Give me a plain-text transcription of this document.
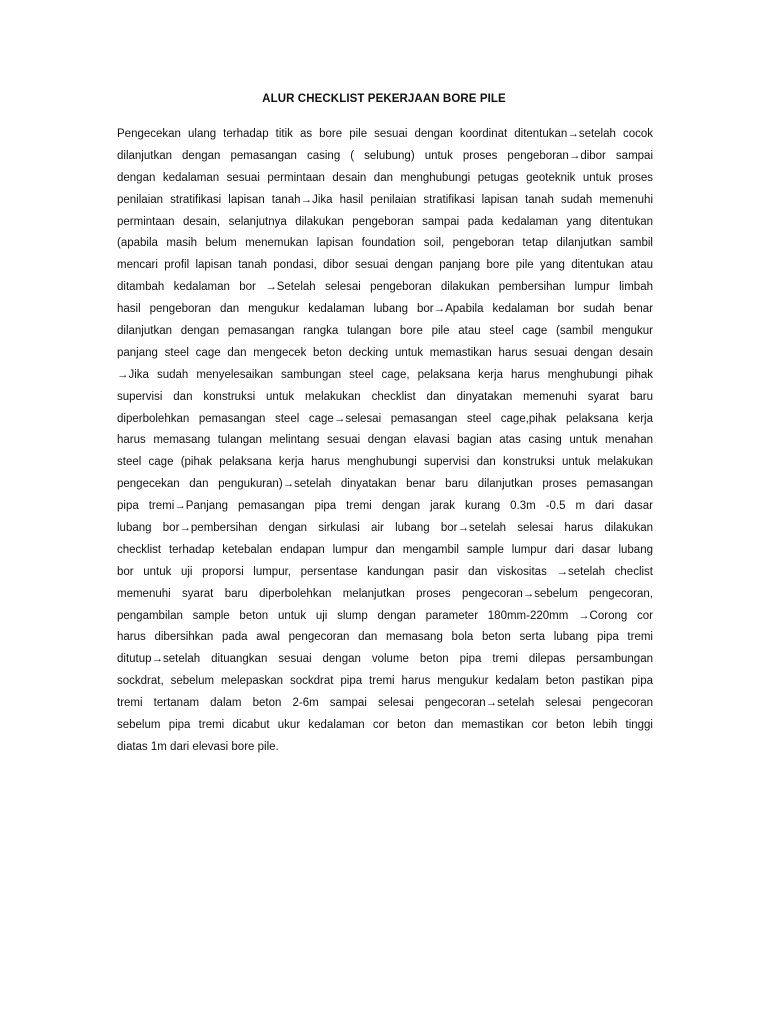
ALUR CHECKLIST PEKERJAAN BORE PILE
Pengecekan ulang terhadap titik as bore pile sesuai dengan koordinat ditentukan→setelah cocok
dilanjutkan dengan pemasangan casing ( selubung) untuk proses pengeboran→dibor sampai
dengan kedalaman sesuai permintaan desain dan menghubungi petugas geoteknik untuk proses
penilaian stratifikasi lapisan tanah→Jika hasil penilaian stratifikasi lapisan tanah sudah memenuhi
permintaan desain, selanjutnya dilakukan pengeboran sampai pada kedalaman yang ditentukan
(apabila masih belum menemukan lapisan foundation soil, pengeboran tetap dilanjutkan sambil
mencari profil lapisan tanah pondasi, dibor sesuai dengan panjang bore pile yang ditentukan atau
ditambah kedalaman bor →Setelah selesai pengeboran dilakukan pembersihan lumpur limbah
hasil pengeboran dan mengukur kedalaman lubang bor→Apabila kedalaman bor sudah benar
dilanjutkan dengan pemasangan rangka tulangan bore pile atau steel cage (sambil mengukur
panjang steel cage dan mengecek beton decking untuk memastikan harus sesuai dengan desain
→Jika sudah menyelesaikan sambungan steel cage, pelaksana kerja harus menghubungi pihak
supervisi dan konstruksi untuk melakukan checklist dan dinyatakan memenuhi syarat baru
diperbolehkan pemasangan steel cage→selesai pemasangan steel cage,pihak pelaksana kerja
harus memasang tulangan melintang sesuai dengan elavasi bagian atas casing untuk menahan
steel cage (pihak pelaksana kerja harus menghubungi supervisi dan konstruksi untuk melakukan
pengecekan dan pengukuran)→setelah dinyatakan benar baru dilanjutkan proses pemasangan
pipa tremi→Panjang pemasangan pipa tremi dengan jarak kurang 0.3m -0.5 m dari dasar
lubang bor→pembersihan dengan sirkulasi air lubang bor→setelah selesai harus dilakukan
checklist terhadap ketebalan endapan lumpur dan mengambil sample lumpur dari dasar lubang
bor untuk uji proporsi lumpur, persentase kandungan pasir dan viskositas →setelah checlist
memenuhi syarat baru diperbolehkan melanjutkan proses pengecoran→sebelum pengecoran,
pengambilan sample beton untuk uji slump dengan parameter 180mm-220mm →Corong cor
harus dibersihkan pada awal pengecoran dan memasang bola beton serta lubang pipa tremi
ditutup→setelah dituangkan sesuai dengan volume beton pipa tremi dilepas persambungan
sockdrat, sebelum melepaskan sockdrat pipa tremi harus mengukur kedalam beton pastikan pipa
tremi tertanam dalam beton 2-6m sampai selesai pengecoran→setelah selesai pengecoran
sebelum pipa tremi dicabut ukur kedalaman cor beton dan memastikan cor beton lebih tinggi
diatas 1m dari elevasi bore pile.
